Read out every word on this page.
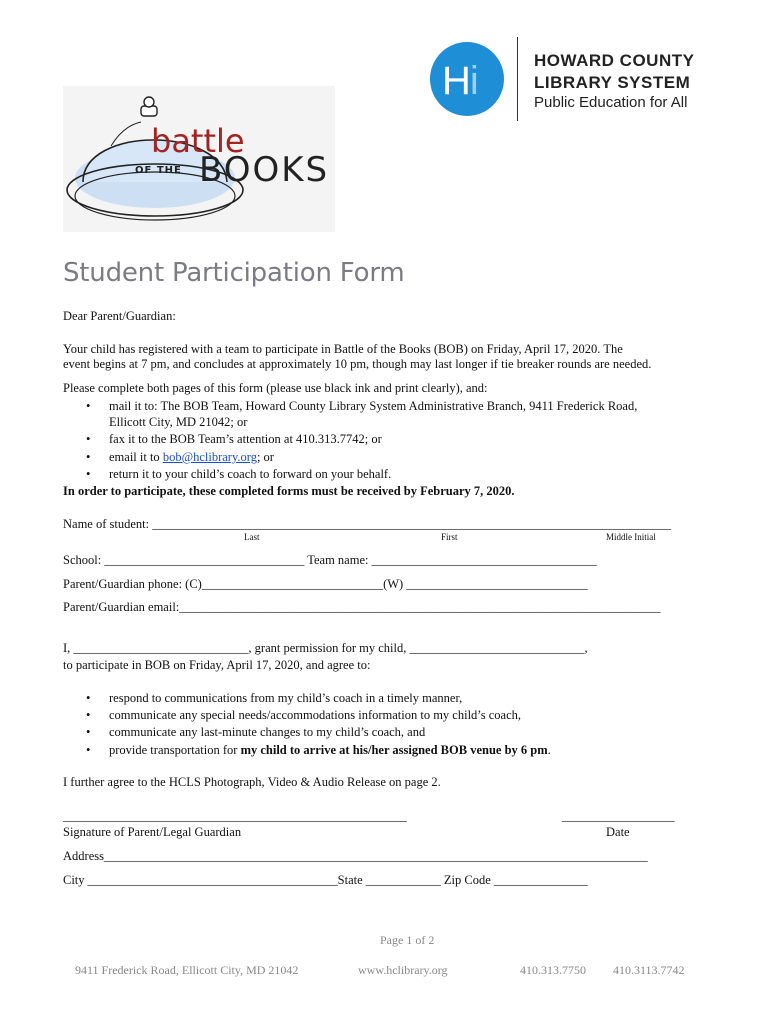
battle
OF THE BOOKS
Hi	HOWARD COUNTY
LIBRARY SYSTEM
Public Education for All
Student Participation Form
Dear Parent/Guardian:
Your child has registered with a team to participate in Battle of the Books (BOB) on Friday, April 17, 2020. The
event begins at 7 pm, and concludes at approximately 10 pm, though may last longer if tie breaker rounds are needed.
Please complete both pages of this form (please use black ink and print clearly), and:
• mail it to: The BOB Team, Howard County Library System Administrative Branch, 9411 Frederick Road,
Ellicott City, MD 21042; or
• fax it to the BOB Team’s attention at 410.313.7742; or
• email it to bob@hclibrary.org; or
• return it to your child’s coach to forward on your behalf.
In order to participate, these completed forms must be received by February 7, 2020.
Name of student: ___________________________________________________________________________________
Last	First	Middle Initial
School: ________________________________ Team name: ____________________________________
Parent/Guardian phone: (C)_____________________________(W) _____________________________
Parent/Guardian email:_____________________________________________________________________________
I, ____________________________, grant permission for my child, ____________________________,
to participate in BOB on Friday, April 17, 2020, and agree to:
• respond to communications from my child’s coach in a timely manner,
• communicate any special needs/accommodations information to my child’s coach,
• communicate any last-minute changes to my child’s coach, and
• provide transportation for my child to arrive at his/her assigned BOB venue by 6 pm.
I further agree to the HCLS Photograph, Video & Audio Release on page 2.
_______________________________________________________	__________________
Signature of Parent/Legal Guardian	Date
Address_______________________________________________________________________________________
City ________________________________________State ____________ Zip Code _______________
Page 1 of 2
9411 Frederick Road, Ellicott City, MD 21042	www.hclibrary.org	410.313.7750 410.3113.7742
